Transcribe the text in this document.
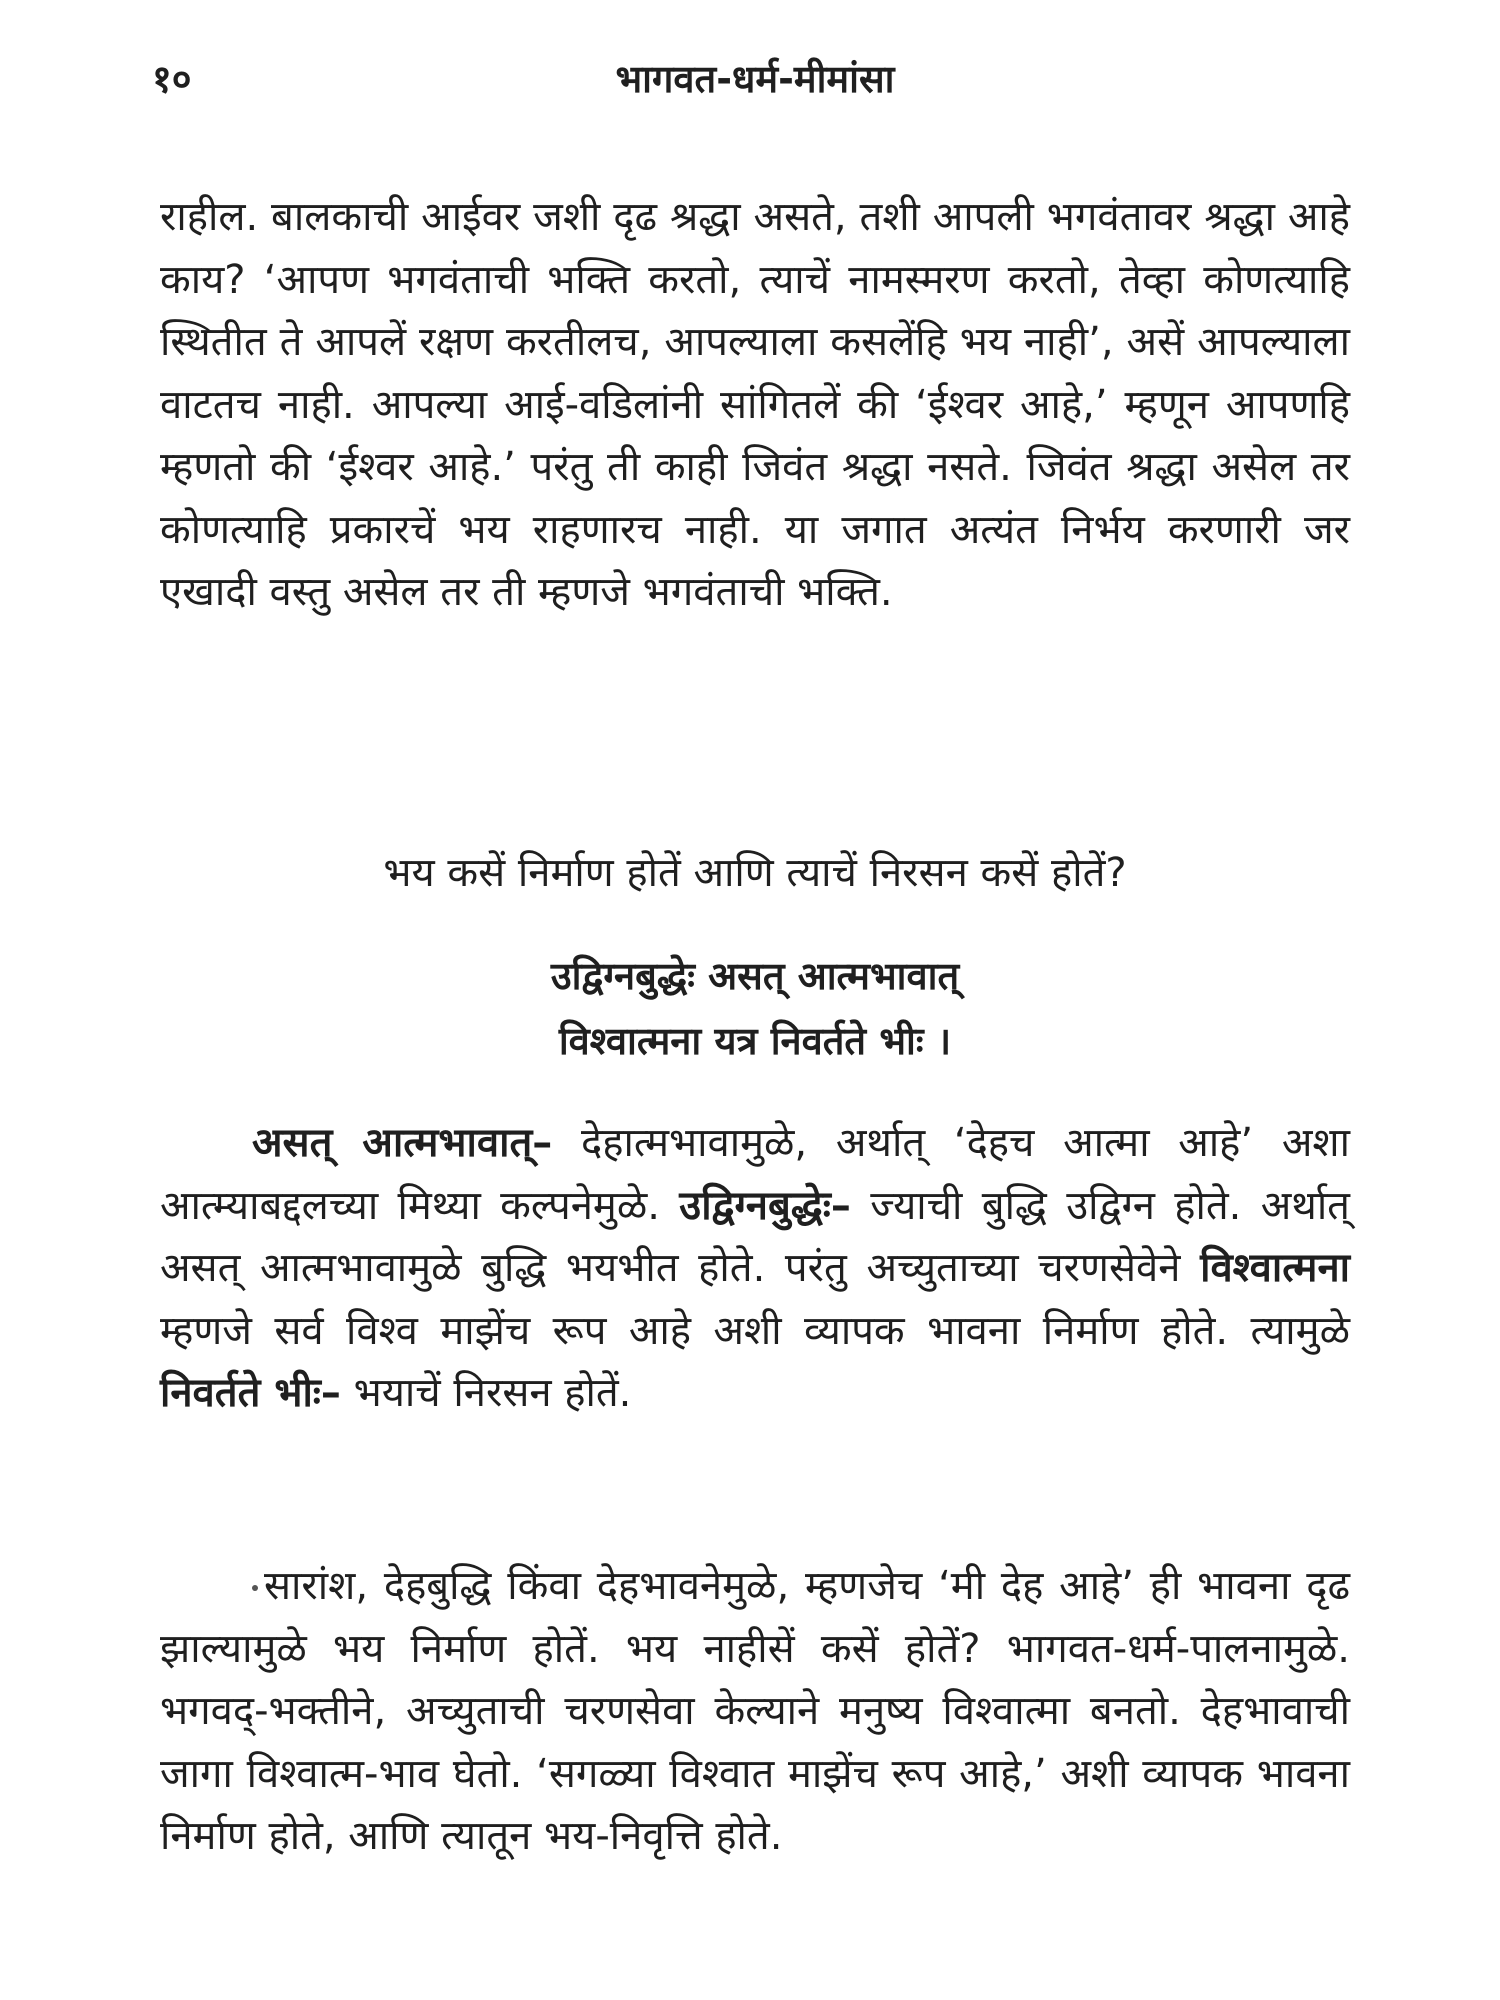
१०	भागवत-धर्म-मीमांसा

राहील. बालकाची आईवर जशी दृढ श्रद्धा असते, तशी आपली भगवंतावर श्रद्धा आहे काय? ‘आपण भगवंताची भक्ति करतो, त्याचें नामस्मरण करतो, तेव्हा कोणत्याहि स्थितीत ते आपलें रक्षण करतीलच, आपल्याला कसलेंहि भय नाही’, असें आपल्याला वाटतच नाही. आपल्या आई-वडिलांनी सांगितलें की ‘ईश्वर आहे,’ म्हणून आपणहि म्हणतो की ‘ईश्वर आहे.’ परंतु ती काही जिवंत श्रद्धा नसते. जिवंत श्रद्धा असेल तर कोणत्याहि प्रकारचें भय राहणारच नाही. या जगात अत्यंत निर्भय करणारी जर एखादी वस्तु असेल तर ती म्हणजे भगवंताची भक्ति.

भय कसें निर्माण होतें आणि त्याचें निरसन कसें होतें?

उद्विग्नबुद्धेः असत् आत्मभावात्

विश्वात्मना यत्र निवर्तते भीः ।

असत् आत्मभावात्– देहात्मभावामुळे, अर्थात् ‘देहच आत्मा आहे’ अशा आत्म्याबद्दलच्या मिथ्या कल्पनेमुळे. उद्विग्नबुद्धेः– ज्याची बुद्धि उद्विग्न होते. अर्थात् असत् आत्मभावामुळे बुद्धि भयभीत होते. परंतु अच्युताच्या चरणसेवेने विश्वात्मना म्हणजे सर्व विश्व माझेंच रूप आहे अशी व्यापक भावना निर्माण होते. त्यामुळे निवर्तते भीः– भयाचें निरसन होतें.

सारांश, देहबुद्धि किंवा देहभावनेमुळे, म्हणजेच ‘मी देह आहे’ ही भावना दृढ झाल्यामुळे भय निर्माण होतें. भय नाहीसें कसें होतें? भागवत-धर्म-पालनामुळे. भगवद्-भक्तीने, अच्युताची चरणसेवा केल्याने मनुष्य विश्वात्मा बनतो. देहभावाची जागा विश्वात्म-भाव घेतो. ‘सगळ्या विश्वात माझेंच रूप आहे,’ अशी व्यापक भावना निर्माण होते, आणि त्यातून भय-निवृत्ति होते.
